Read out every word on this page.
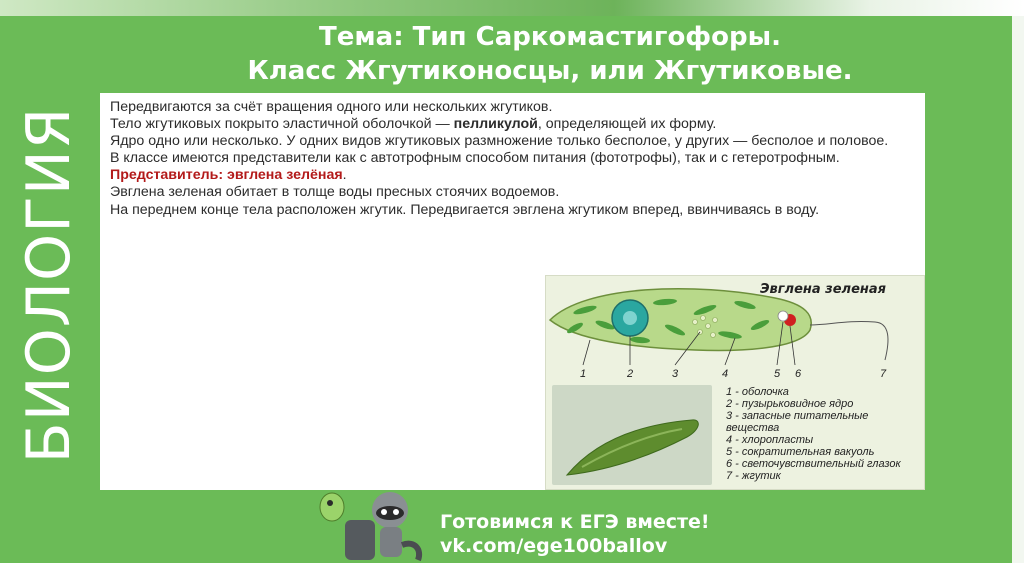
Тема: Тип Саркомастигофоры.
Класс Жгутиконосцы, или Жгутиковые.
БИОЛОГИЯ Передвигаются за счёт вращения одного или нескольких жгутиков.

Тело жгутиковых покрыто эластичной оболочкой — пелликулой, определяющей их форму.

Ядро одно или несколько. У одних видов жгутиковых размножение только бесполое, у других — бесполое и половое.

В классе имеются представители как с автотрофным способом питания (фототрофы), так и с гетеротрофным.

Представитель: эвглена зелёная.

Эвглена зеленая обитает в толще воды пресных стоячих водоемов.

На переднем конце тела расположен жгутик. Передвигается эвглена жгутиком вперед, ввинчиваясь в воду.

Эвглена зеленая
1	2	3	4	5 6	7
1 - оболочка
2 - пузырьковидное ядро
3 - запасные питательные вещества
4 - хлоропласты
5 - сократительная вакуоль
6 - светочувствительный глазок
7 - жгутик
Готовимся к ЕГЭ вместе!
vk.com/ege100ballov
